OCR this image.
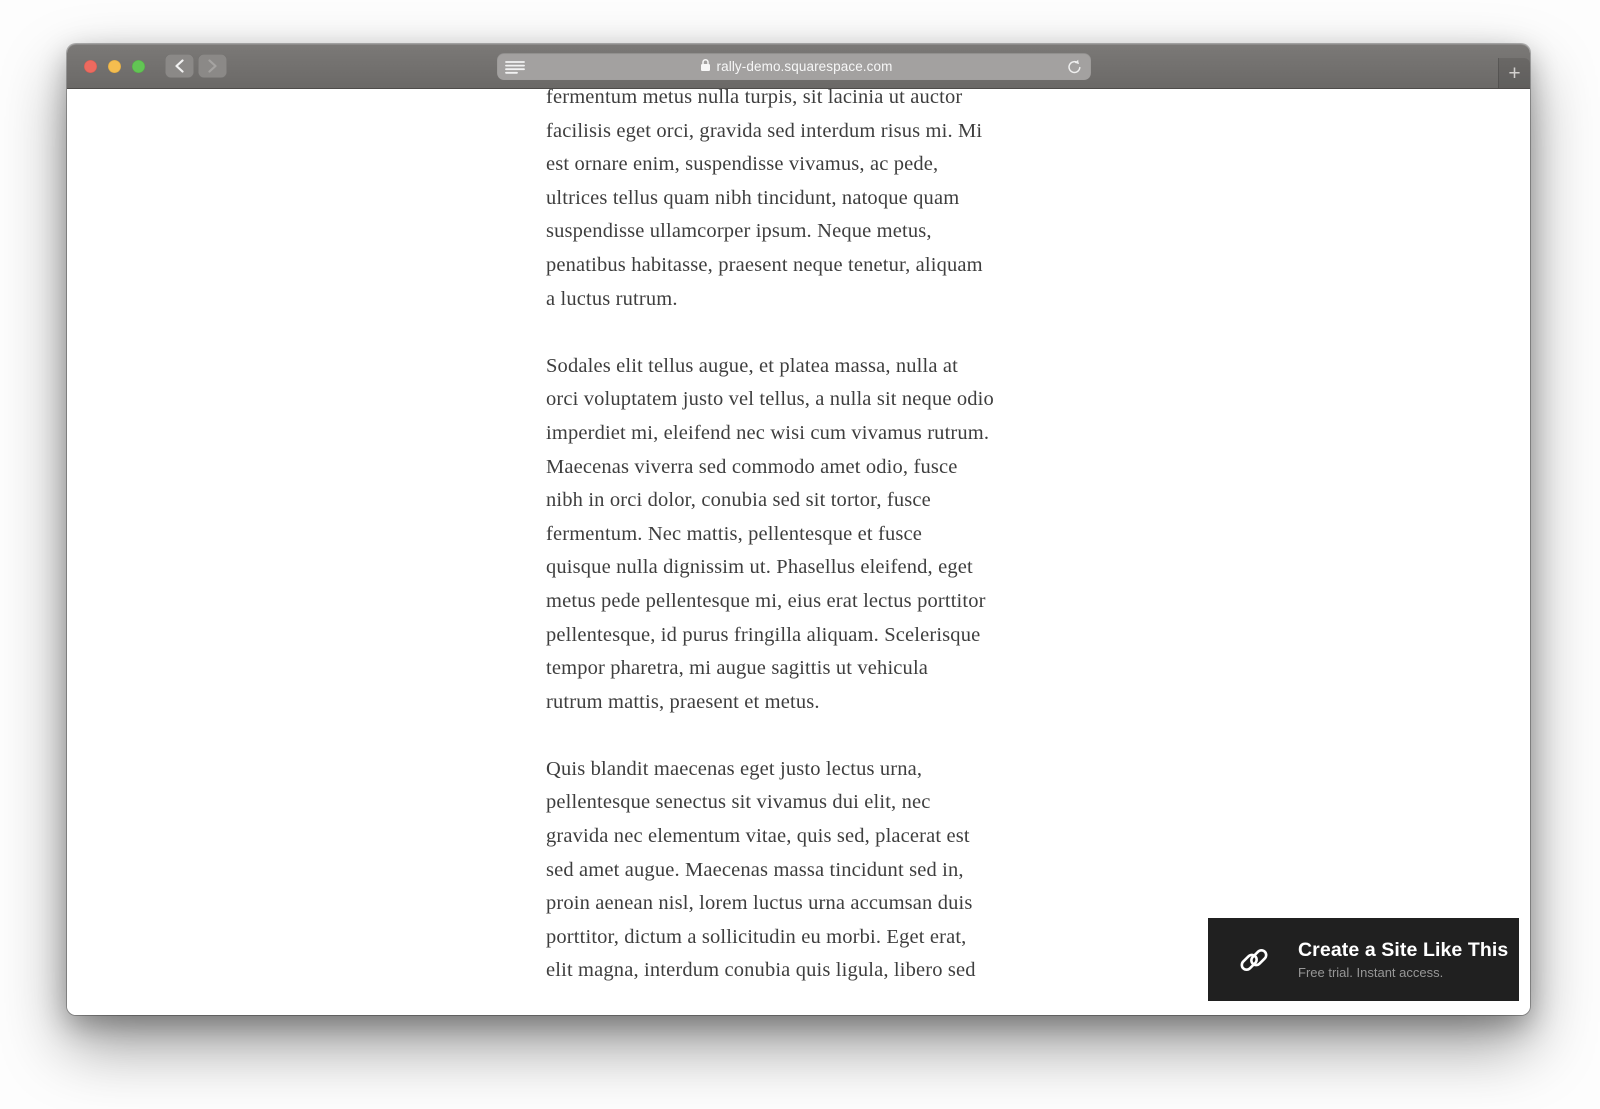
rally-demo.squarespace.com	+

fermentum metus nulla turpis, sit lacinia ut auctor
facilisis eget orci, gravida sed interdum risus mi. Mi
est ornare enim, suspendisse vivamus, ac pede,
ultrices tellus quam nibh tincidunt, natoque quam
suspendisse ullamcorper ipsum. Neque metus,
penatibus habitasse, praesent neque tenetur, aliquam
a luctus rutrum.

Sodales elit tellus augue, et platea massa, nulla at
orci voluptatem justo vel tellus, a nulla sit neque odio
imperdiet mi, eleifend nec wisi cum vivamus rutrum.
Maecenas viverra sed commodo amet odio, fusce
nibh in orci dolor, conubia sed sit tortor, fusce
fermentum. Nec mattis, pellentesque et fusce
quisque nulla dignissim ut. Phasellus eleifend, eget
metus pede pellentesque mi, eius erat lectus porttitor
pellentesque, id purus fringilla aliquam. Scelerisque
tempor pharetra, mi augue sagittis ut vehicula
rutrum mattis, praesent et metus.

Quis blandit maecenas eget justo lectus urna,
pellentesque senectus sit vivamus dui elit, nec
gravida nec elementum vitae, quis sed, placerat est
sed amet augue. Maecenas massa tincidunt sed in,
proin aenean nisl, lorem luctus urna accumsan duis
porttitor, dictum a sollicitudin eu morbi. Eget erat,
elit magna, interdum conubia quis ligula, libero sed

Create a Site Like This
Free trial. Instant access.
